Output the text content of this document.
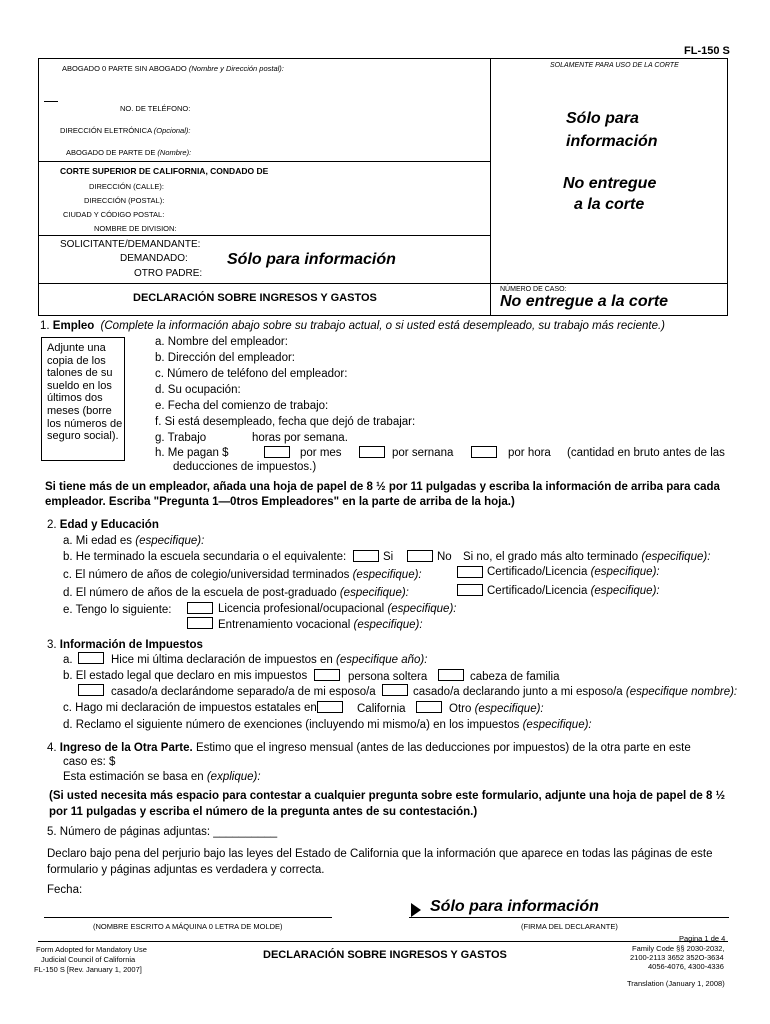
FL-150 S
ABOGADO 0 PARTE SIN ABOGADO (Nombre y Dirección postal):	SOLAMENTE PARA USO DE LA CORTE
NO. DE TELÉFONO:
DIRECCIÓN ELETRÓNICA (Opcional):
ABOGADO DE PARTE DE (Nombre):
Sólo para
información
No entregue
a la corte
CORTE SUPERIOR DE CALIFORNIA, CONDADO DE
DIRECCIÓN (CALLE):
DIRECCIÓN (POSTAL):
CIUDAD Y CÓDIGO POSTAL:
NOMBRE DE DIVISION:
SOLICITANTE/DEMANDANTE:
DEMANDADO:
OTRO PADRE:
Sólo para información
DECLARACIÓN SOBRE INGRESOS Y GASTOS
NÚMERO DE CASO:
No entregue a la corte
1. Empleo (Complete la información abajo sobre su trabajo actual, o si usted está desempleado, su trabajo más reciente.)
Adjunte una copia de los talones de su sueldo en los últimos dos meses (borre los números de seguro social).
a. Nombre del empleador:
b. Dirección del empleador:
c. Número de teléfono del empleador:
d. Su ocupación:
e. Fecha del comienzo de trabajo:
f. Si está desempleado, fecha que dejó de trabajar:
g. Trabajo	horas por semana.
h. Me pagan $	por mes	por sernana	por hora (cantidad en bruto antes de las
deducciones de impuestos.)
Si tiene más de un empleador, añada una hoja de papel de 8 ½ por 11 pulgadas y escriba la información de arriba para cada
empleador. Escriba "Pregunta 1—0tros Empleadores" en la parte de arriba de la hoja.)
2. Edad y Educación
a. Mi edad es (especifique):
b. He terminado la escuela secundaria o el equivalente:	Si	No Si no, el grado más alto terminado (especifique):
c. El número de años de colegio/universidad terminados (especifique):	Certificado/Licencia (especifique):
d. El número de años de la escuela de post-graduado (especifique):	Certificado/Licencia (especifique):
e. Tengo lo siguiente:	Licencia profesional/ocupacional (especifique):
Entrenamiento vocacional (especifique):
3. Información de Impuestos
a.	Hice mi última declaración de impuestos en (especifique año):
b. El estado legal que declaro en mis impuestos	persona soltera	cabeza de familia
casado/a declarándome separado/a de mi esposo/a	casado/a declarando junto a mi esposo/a (especifique nombre):
c. Hago mi declaración de impuestos estatales en	California	Otro (especifique):
d. Reclamo el siguiente número de exenciones (incluyendo mi mismo/a) en los impuestos (especifique):
4. Ingreso de la Otra Parte. Estimo que el ingreso mensual (antes de las deducciones por impuestos) de la otra parte en este
caso es: $
Esta estimación se basa en (explique):
(Si usted necesita más espacio para contestar a cualquier pregunta sobre este formulario, adjunte una hoja de papel de 8 ½
por 11 pulgadas y escriba el número de la pregunta antes de su contestación.)
5. Número de páginas adjuntas: __________
Declaro bajo pena del perjurio bajo las leyes del Estado de California que la información que aparece en todas las páginas de este
formulario y páginas adjuntas es verdadera y correcta.
Fecha:
Sólo para información
(NOMBRE ESCRITO A MÁQUINA 0 LETRA DE MOLDE)	(FIRMA DEL DECLARANTE)
Form Adopted for Mandatory Use
Judicial Council of California
FL-150 S [Rev. January 1, 2007]
DECLARACIÓN SOBRE INGRESOS Y GASTOS
Pagina 1 de 4
Family Code §§ 2030-2032,
2100-2113 3652 352O-3634
4056-4076, 4300-4336
Translation (January 1, 2008)
